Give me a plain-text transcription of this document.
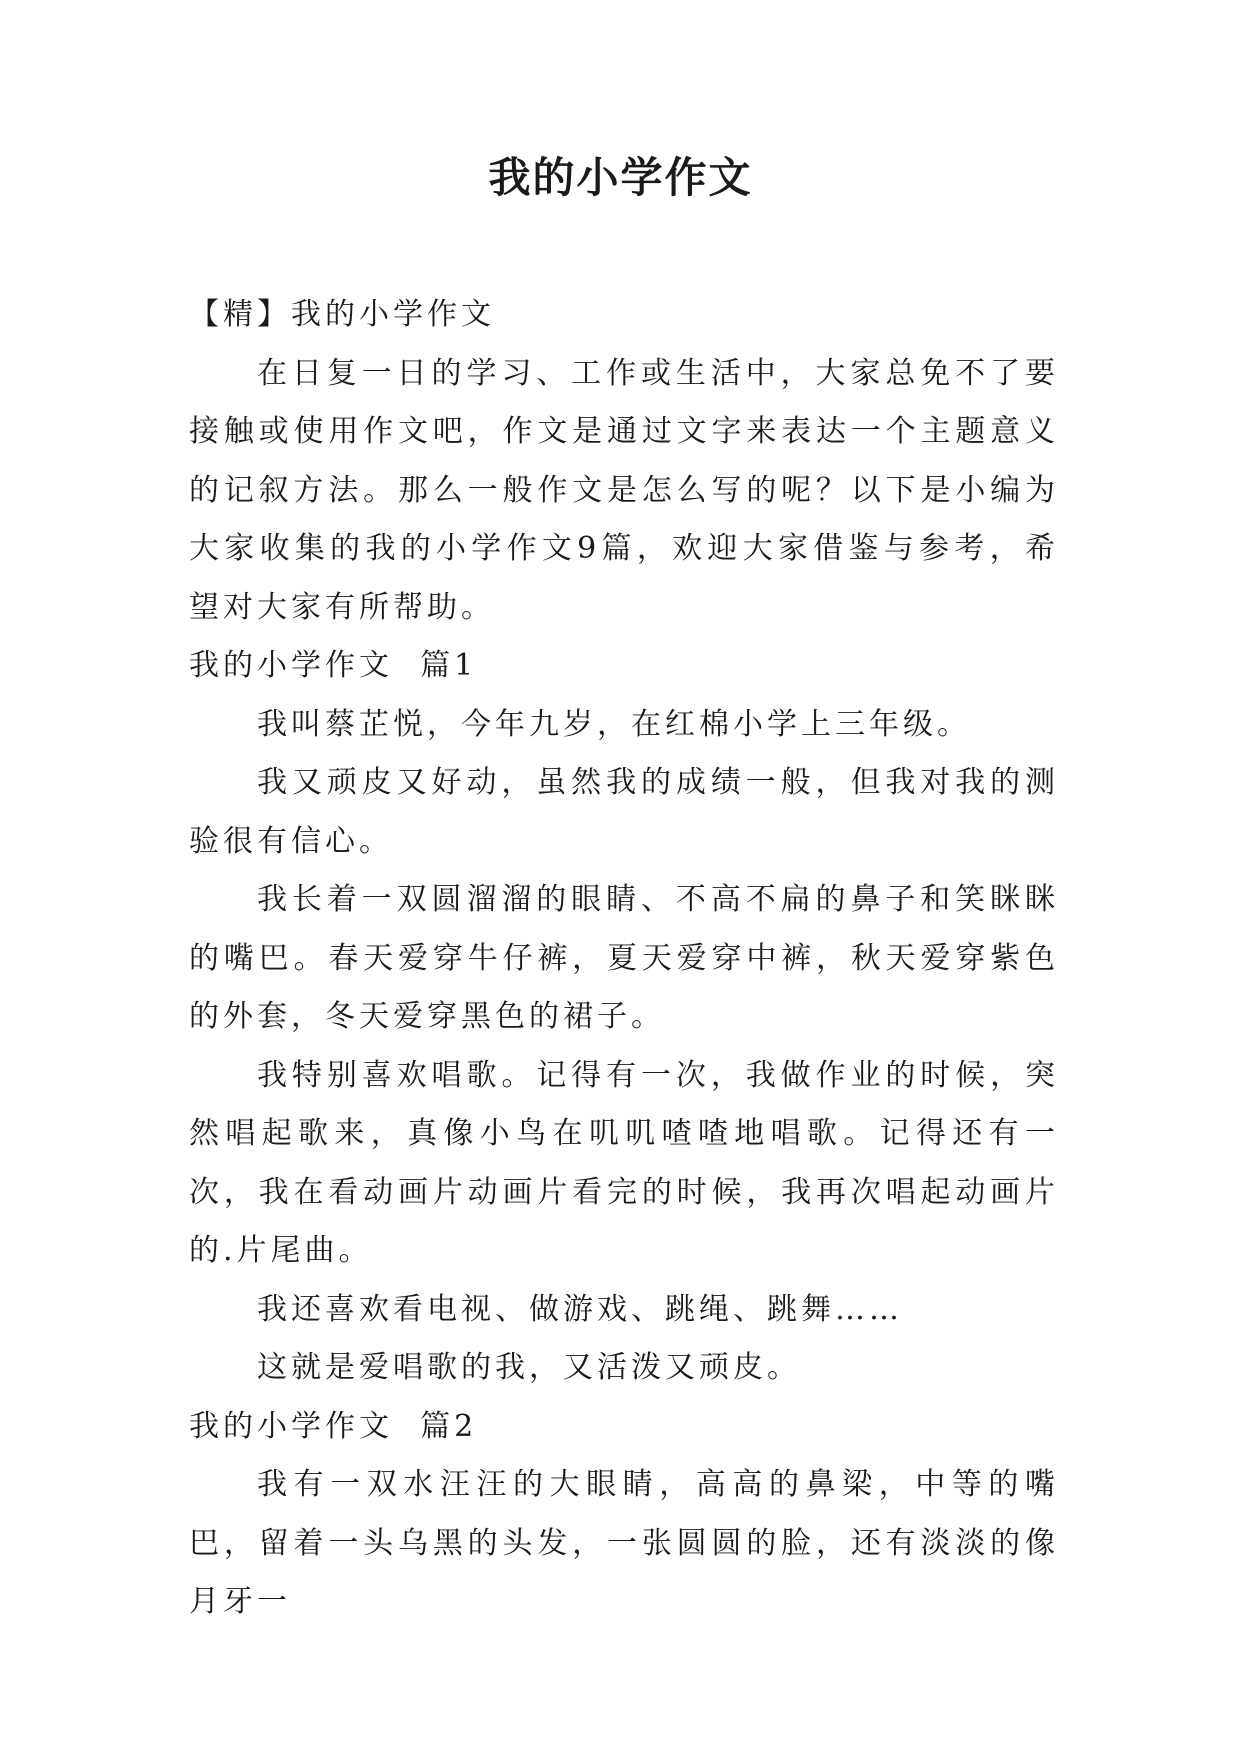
我的小学作文

【精】我的小学作文

在日复一日的学习、工作或生活中，大家总免不了要接触或使用作文吧，作文是通过文字来表达一个主题意义的记叙方法。那么一般作文是怎么写的呢？以下是小编为大家收集的我的小学作文9篇，欢迎大家借鉴与参考，希望对大家有所帮助。

我的小学作文  篇1

我叫蔡芷悦，今年九岁，在红棉小学上三年级。

我又顽皮又好动，虽然我的成绩一般，但我对我的测验很有信心。

我长着一双圆溜溜的眼睛、不高不扁的鼻子和笑眯眯的嘴巴。春天爱穿牛仔裤，夏天爱穿中裤，秋天爱穿紫色的外套，冬天爱穿黑色的裙子。

我特别喜欢唱歌。记得有一次，我做作业的时候，突然唱起歌来，真像小鸟在叽叽喳喳地唱歌。记得还有一次，我在看动画片动画片看完的时候，我再次唱起动画片的.片尾曲。

我还喜欢看电视、做游戏、跳绳、跳舞……

这就是爱唱歌的我，又活泼又顽皮。

我的小学作文  篇2

我有一双水汪汪的大眼睛，高高的鼻梁，中等的嘴巴，留着一头乌黑的头发，一张圆圆的脸，还有淡淡的像月牙一
